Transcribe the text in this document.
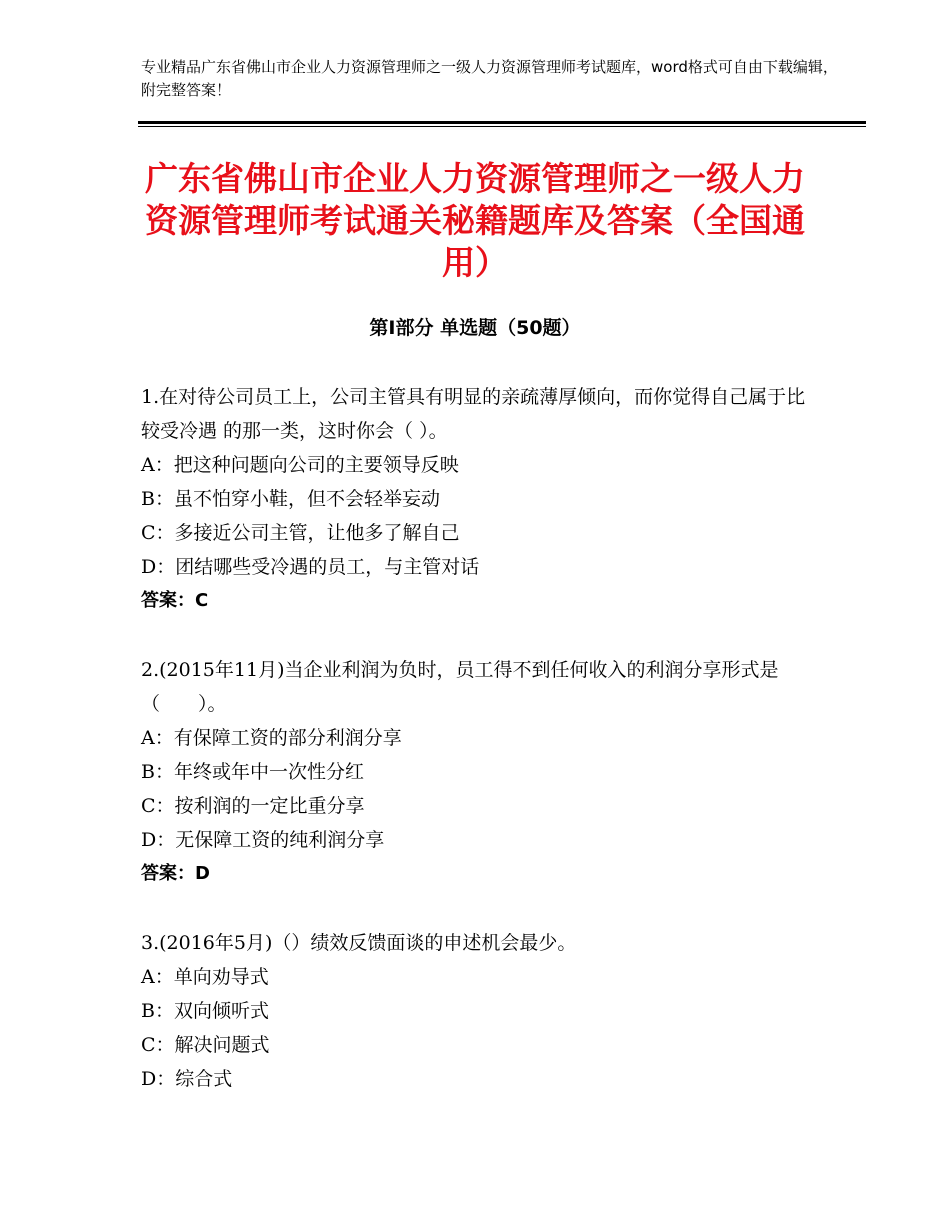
专业精品广东省佛山市企业人力资源管理师之一级人力资源管理师考试题库，word格式可自由下载编辑，附完整答案！
广东省佛山市企业人力资源管理师之一级人力资源管理师考试通关秘籍题库及答案（全国通用）
第Ⅰ部分 单选题（50题）
1.在对待公司员工上，公司主管具有明显的亲疏薄厚倾向，而你觉得自己属于比较受冷遇 的那一类，这时你会（ ）。
A：把这种问题向公司的主要领导反映
B：虽不怕穿小鞋，但不会轻举妄动
C：多接近公司主管，让他多了解自己
D：团结哪些受冷遇的员工，与主管对话
答案：C
2.(2015年11月)当企业利润为负时，员工得不到任何收入的利润分享形式是（　　）。
A：有保障工资的部分利润分享
B：年终或年中一次性分红
C：按利润的一定比重分享
D：无保障工资的纯利润分享
答案：D
3.(2016年5月)（）绩效反馈面谈的申述机会最少。
A：单向劝导式
B：双向倾听式
C：解决问题式
D：综合式
